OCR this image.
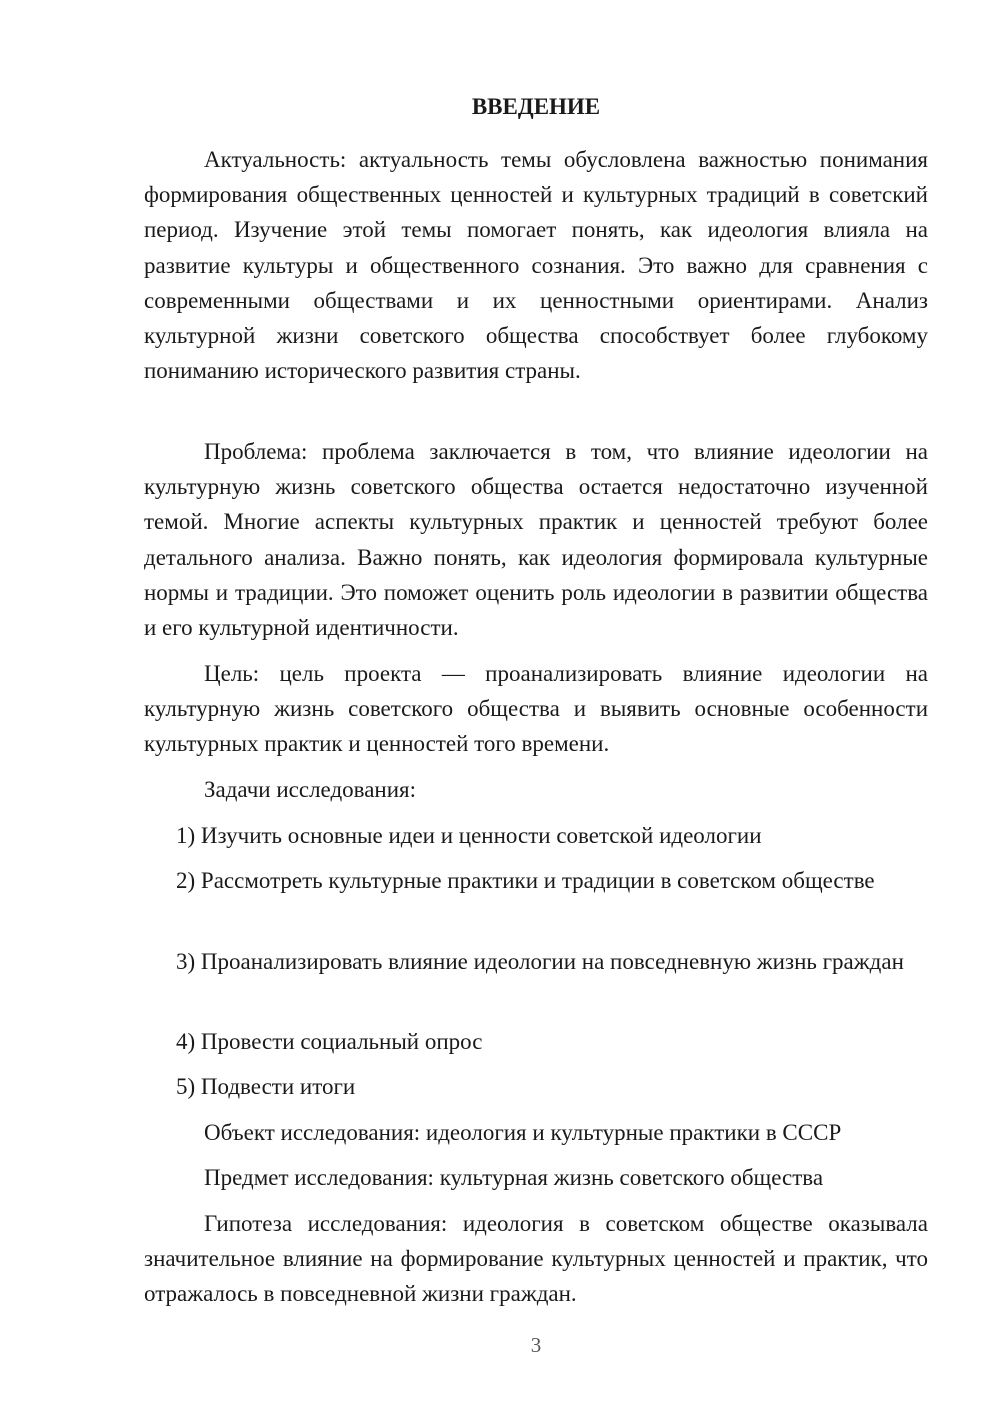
ВВЕДЕНИЕ
Актуальность: актуальность темы обусловлена важностью понимания формирования общественных ценностей и культурных традиций в советский период. Изучение этой темы помогает понять, как идеология влияла на развитие культуры и общественного сознания. Это важно для сравнения с современными обществами и их ценностными ориентирами. Анализ культурной жизни советского общества способствует более глубокому пониманию исторического развития страны.
Проблема: проблема заключается в том, что влияние идеологии на культурную жизнь советского общества остается недостаточно изученной темой. Многие аспекты культурных практик и ценностей требуют более детального анализа. Важно понять, как идеология формировала культурные нормы и традиции. Это поможет оценить роль идеологии в развитии общества и его культурной идентичности.
Цель: цель проекта — проанализировать влияние идеологии на культурную жизнь советского общества и выявить основные особенности культурных практик и ценностей того времени.
Задачи исследования:
1) Изучить основные идеи и ценности советской идеологии
2) Рассмотреть культурные практики и традиции в советском обществе
3) Проанализировать влияние идеологии на повседневную жизнь граждан
4) Провести социальный опрос
5) Подвести итоги
Объект исследования: идеология и культурные практики в СССР
Предмет исследования: культурная жизнь советского общества
Гипотеза исследования: идеология в советском обществе оказывала значительное влияние на формирование культурных ценностей и практик, что отражалось в повседневной жизни граждан.
3
